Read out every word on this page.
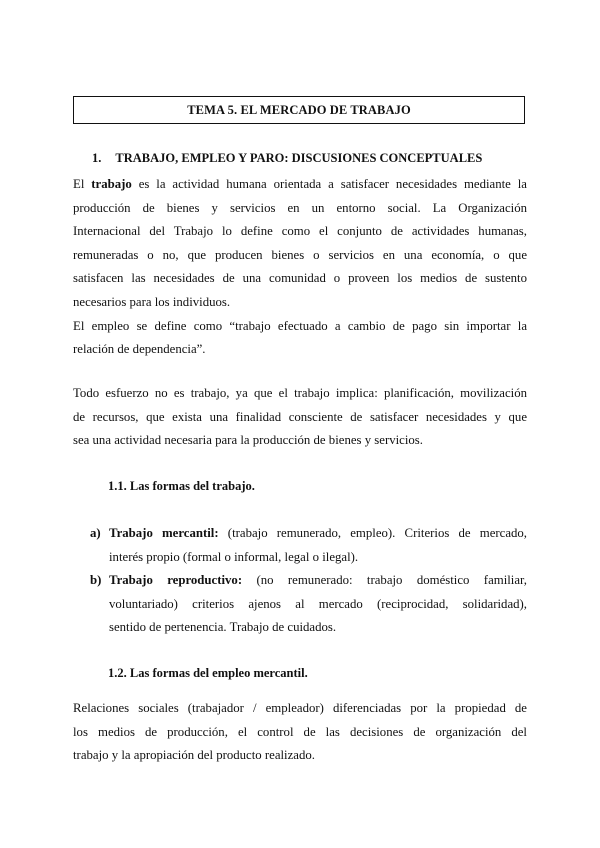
TEMA 5. EL MERCADO DE TRABAJO
1. TRABAJO, EMPLEO Y PARO: DISCUSIONES CONCEPTUALES
El trabajo es la actividad humana orientada a satisfacer necesidades mediante la
producción de bienes y servicios en un entorno social. La Organización
Internacional del Trabajo lo define como el conjunto de actividades humanas,
remuneradas o no, que producen bienes o servicios en una economía, o que
satisfacen las necesidades de una comunidad o proveen los medios de sustento
necesarios para los individuos.
El empleo se define como “trabajo efectuado a cambio de pago sin importar la
relación de dependencia”.
Todo esfuerzo no es trabajo, ya que el trabajo implica: planificación, movilización
de recursos, que exista una finalidad consciente de satisfacer necesidades y que
sea una actividad necesaria para la producción de bienes y servicios.
1.1. Las formas del trabajo.
a) Trabajo mercantil: (trabajo remunerado, empleo). Criterios de mercado,
interés propio (formal o informal, legal o ilegal).
b) Trabajo reproductivo: (no remunerado: trabajo doméstico familiar,
voluntariado) criterios ajenos al mercado (reciprocidad, solidaridad),
sentido de pertenencia. Trabajo de cuidados.
1.2. Las formas del empleo mercantil.
Relaciones sociales (trabajador / empleador) diferenciadas por la propiedad de
los medios de producción, el control de las decisiones de organización del
trabajo y la apropiación del producto realizado.
